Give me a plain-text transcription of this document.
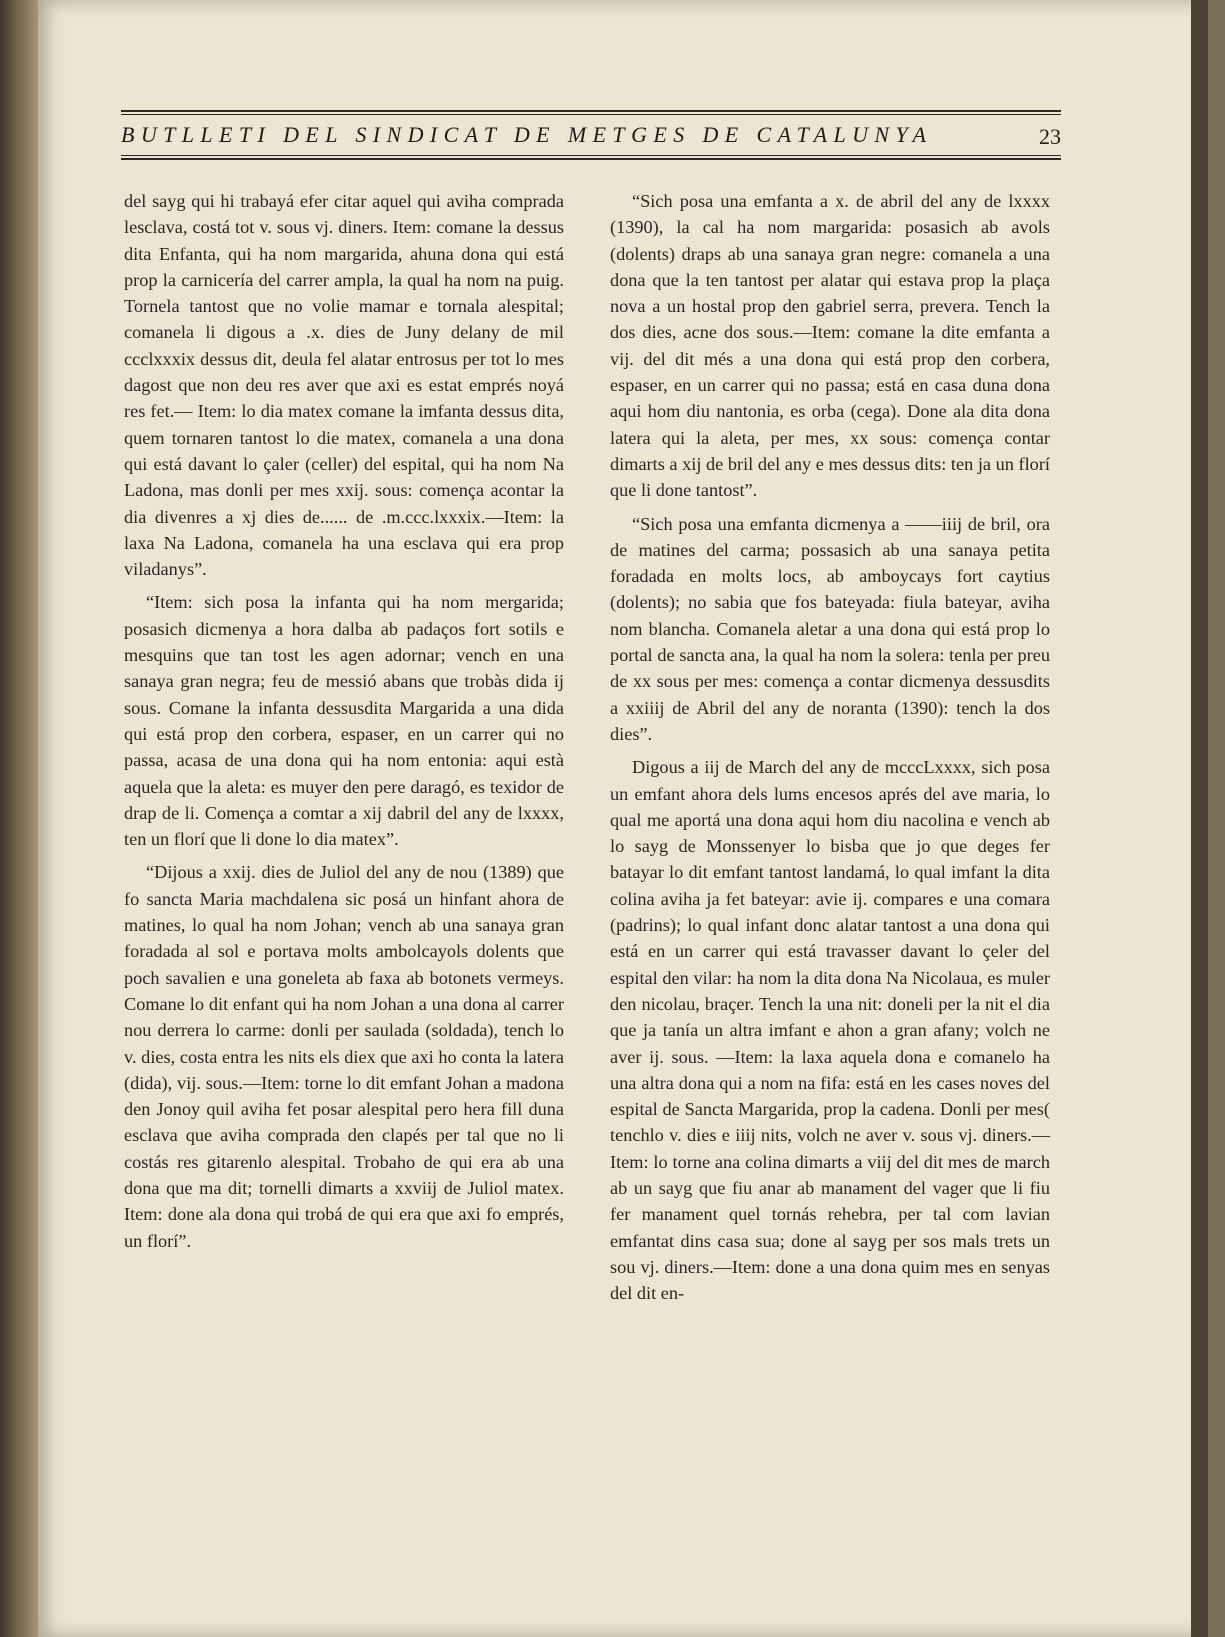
BUTLLETI DEL SINDICAT DE METGES DE CATALUNYA	23

del sayg qui hi trabayá efer citar aquel qui aviha comprada lesclava, costá tot v. sous vj. diners. Item: comane la dessus dita Enfanta, qui ha nom margarida, ahuna dona qui está prop la carnicería del carrer ampla, la qual ha nom na puig. Tornela tantost que no volie mamar e tornala alespital; comanela li digous a .x. dies de Juny delany de mil ccclxxxix dessus dit, deula fel alatar entrosus per tot lo mes dagost que non deu res aver que axi es estat emprés noyá res fet.— Item: lo dia matex comane la imfanta dessus dita, quem tornaren tantost lo die matex, comanela a una dona qui está davant lo çaler (celler) del espital, qui ha nom Na Ladona, mas donli per mes xxij. sous: començа acontar la dia divenres a xj dies de...... de .m.ccc.lxxxix.—Item: la laxa Na Ladona, comanela ha una esclava qui era prop viladanys”.

“Item: sich posa la infanta qui ha nom mergarida; posasich dicmenya a hora dalba ab padaços fort sotils e mesquins que tan tost les agen adornar; vench en una sanaya gran negra; feu de messió abans que trobàs dida ij sous. Comane la infanta dessusdita Margarida a una dida qui está prop den corbera, espaser, en un carrer qui no passa, acasa de una dona qui ha nom entonia: aqui està aquela que la aleta: es muyer den pere daragó, es texidor de drap de li. Començа a comtar a xij dabril del any de lxxxx, ten un florí que li done lo dia matex”.

“Dijous a xxij. dies de Juliol del any de nou (1389) que fo sancta Maria machdalena sic posá un hinfant ahora de matines, lo qual ha nom Johan; vench ab una sanaya gran foradada al sol e portava molts ambolcayols dolents que poch savalien e una goneleta ab faxa ab botonets vermeys. Comane lo dit enfant qui ha nom Johan a una dona al carrer nou derrera lo carme: donli per saulada (soldada), tench lo v. dies, costa entra les nits els diex que axi ho conta la latera (dida), vij. sous.—Item: torne lo dit emfant Johan a madona den Jonoy quil aviha fet posar alespital pero hera fill duna esclava que aviha comprada den clapés per tal que no li costás res gitarenlo alespital. Trobaho de qui era ab una dona que ma dit; tornelli dimarts a xxviij de Juliol matex. Item: done ala dona qui trobá de qui era que axi fo emprés, un florí”.

“Sich posa una emfanta a x. de abril del any de lxxxx (1390), la cal ha nom margarida: posasich ab avols (dolents) draps ab una sanaya gran negre: comanela a una dona que la ten tantost per alatar qui estava prop la plaça nova a un hostal prop den gabriel serra, prevera. Tench la dos dies, acne dos sous.—Item: comane la dite emfanta a vij. del dit més a una dona qui está prop den corbera, espaser, en un carrer qui no passa; está en casa duna dona aqui hom diu nantonia, es orba (cega). Done ala dita dona latera qui la aleta, per mes, xx sous: començа contar dimarts a xij de bril del any e mes dessus dits: ten ja un florí que li done tantost”.

“Sich posa una emfanta dicmenya a ——iiij de bril, ora de matines del carma; possasich ab una sanaya petita foradada en molts locs, ab amboycays fort caytius (dolents); no sabia que fos bateyada: fiula bateyar, aviha nom blancha. Comanela aletar a una dona qui está prop lo portal de sancta ana, la qual ha nom la solera: tenla per preu de xx sous per mes: començа a contar dicmenya dessusdits a xxiiij de Abril del any de noranta (1390): tench la dos dies”.

Digous a iij de March del any de mcccLxxxx, sich posa un emfant ahora dels lums encesos aprés del ave maria, lo qual me aportá una dona aqui hom diu nacolina e vench ab lo sayg de Monssenyer lo bisba que jo que deges fer batayar lo dit emfant tantost landamá, lo qual imfant la dita colina aviha ja fet bateyar: avie ij. compares e una comara (padrins); lo qual infant donc alatar tantost a una dona qui está en un carrer qui está travasser davant lo çeler del espital den vilar: ha nom la dita dona Na Nicolaua, es muler den nicolau, braçer. Tench la una nit: doneli per la nit el dia que ja tanía un altra imfant e ahon a gran afany; volch ne aver ij. sous. —Item: la laxa aquela dona e comanelo ha una altra dona qui a nom na fifa: está en les cases noves del espital de Sancta Margarida, prop la cadena. Donli per mes( tenchlo v. dies e iiij nits, volch ne aver v. sous vj. diners.—Item: lo torne ana colina dimarts a viij del dit mes de march ab un sayg que fiu anar ab manament del vager que li fiu fer manament quel tornás rehebra, per tal com lavian emfantat dins casa sua; done al sayg per sos mals trets un sou vj. diners.—Item: done a una dona quim mes en senyas del dit en-
